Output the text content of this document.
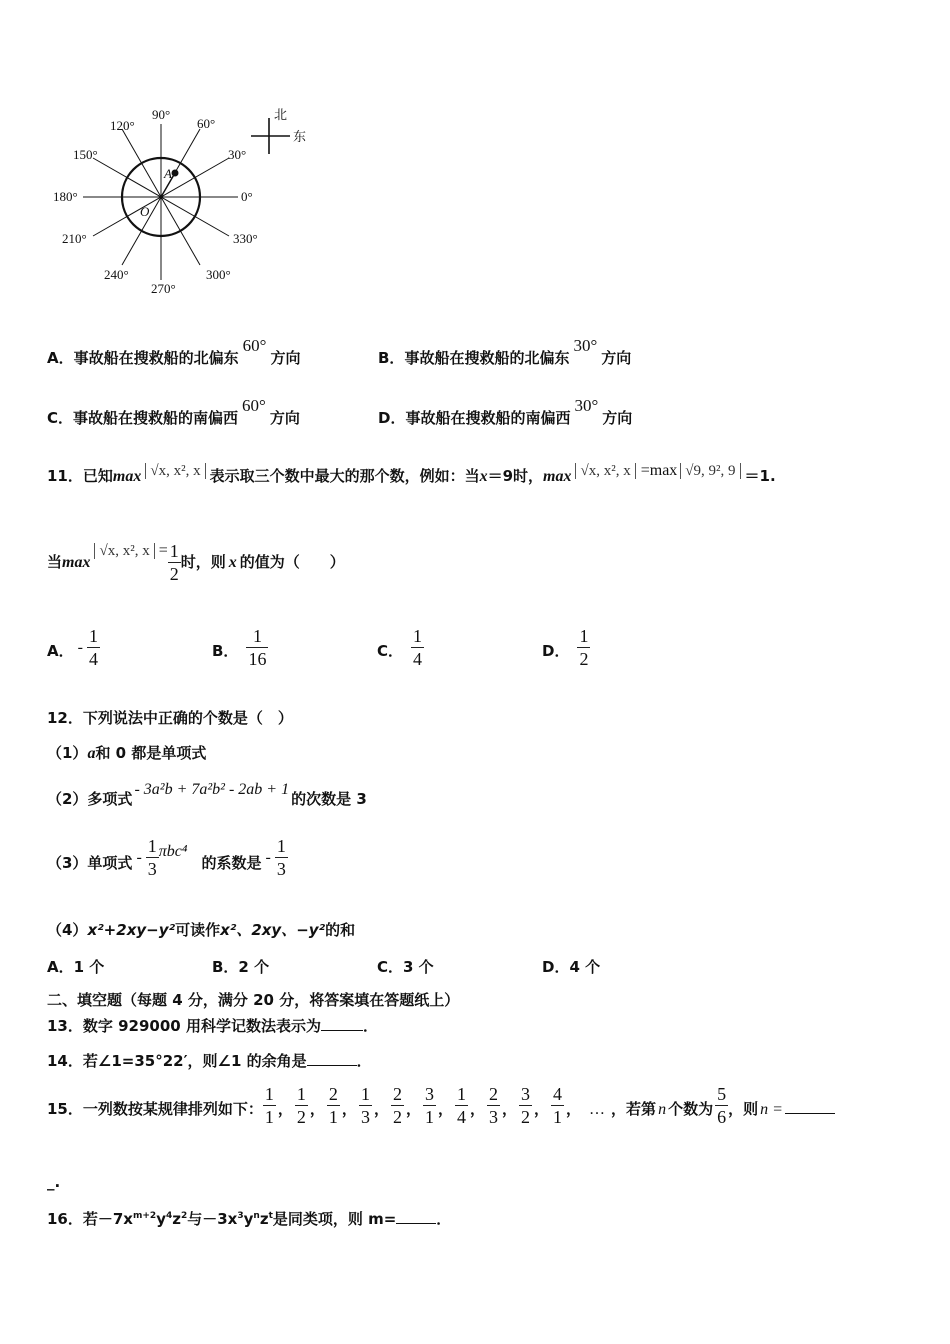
A
O
90°
60°
30°
0°
330°
300°
270°
240°
210°
180°
150°
120°
北
东
A．事故船在搜救船的北偏东60°方向	B．事故船在搜救船的北偏东30°方向
C．事故船在搜救船的南偏西60°方向	D．事故船在搜救船的南偏西30°方向
11．已知max √x, x², x 表示取三个数中最大的那个数，例如：当x＝9时，max √x, x², x =max √9, 9², 9 ＝1.
当max√x, x², $x = \frac{1}{2}$ 时，则 x 的值为（　　）
A． - $\frac{1}{4}$	B． $\frac{1}{16}$	C． $\frac{1}{4}$	D． $\frac{1}{2}$
12．下列说法中正确的个数是（　）
（1）a和 0 都是单项式
（2）多项式- 3a²b + 7a²b² - 2ab + 1的次数是 3
（3）单项式 - $\frac{1}{3} \pi bc^4$的系数是 - $\frac{1}{3}$
（4）x²+2xy−y²可读作x²、2xy、−y²的和
A．1 个	B．2 个	C．3 个	D．4 个
二、填空题（每题 4 分，满分 20 分，将答案填在答题纸上）
13．数字 929000 用科学记数法表示为	．
14．若∠1=35°22′，则∠1 的余角是	．
15．一列数按某规律排列如下： $\frac{1}{1}$ ， $\frac{1}{2}$ ， $\frac{2}{1}$ ， $\frac{1}{3}$ ， $\frac{2}{2}$ ， $\frac{3}{1}$ ， $\frac{1}{4}$ ， $\frac{2}{3}$ ， $\frac{3}{2}$ ， $\frac{4}{1}$ ， … ，若第 n 个数为 $\frac{5}{6}$ ，则 n =
_.
16．若$-7x^{m+2}y^4z^2$与$-3x^3y^nz^t$是同类项，则 m=	．
